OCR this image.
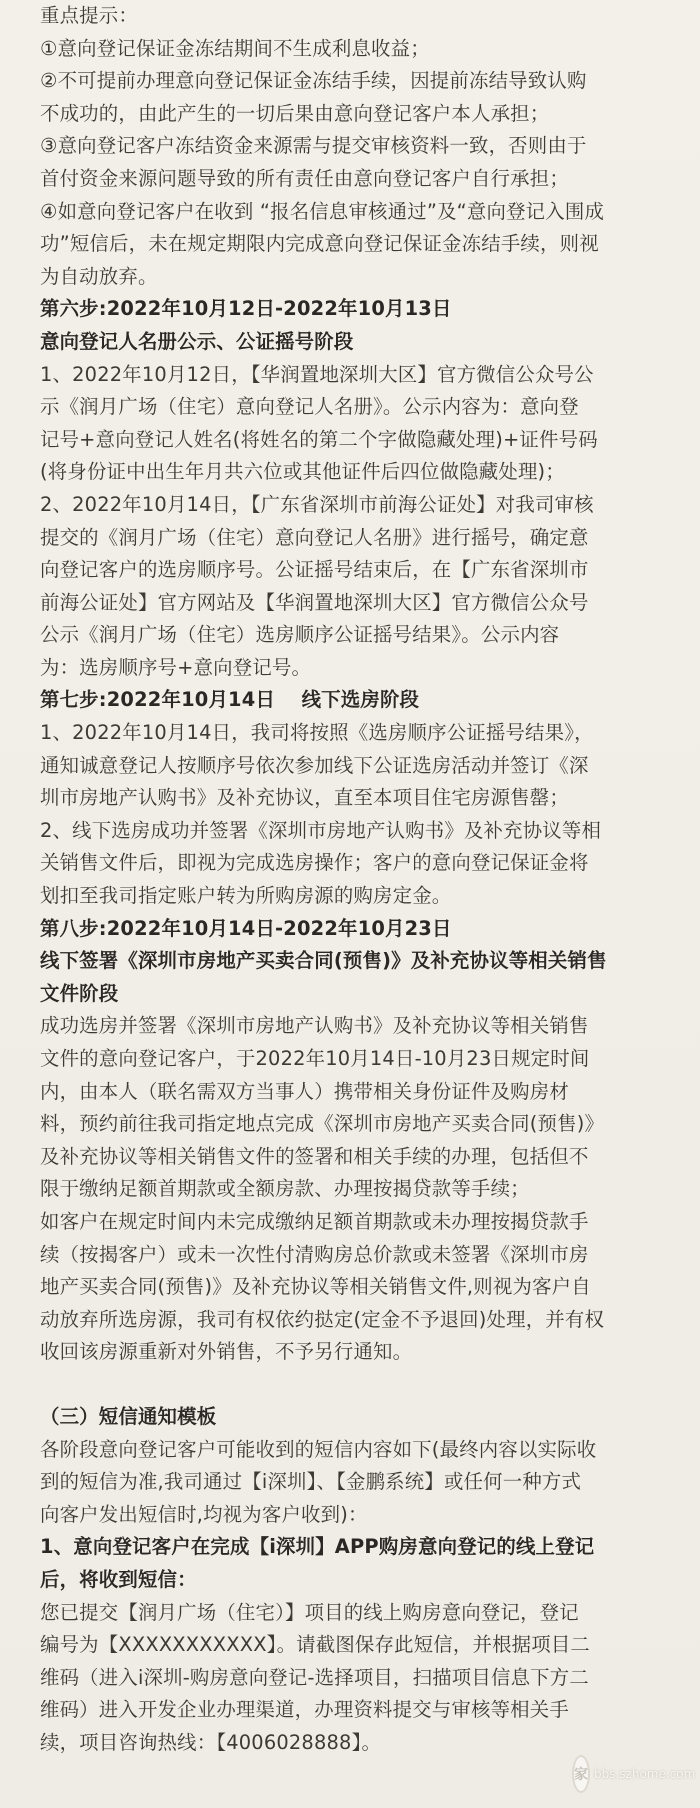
重点提示：
①意向登记保证金冻结期间不生成利息收益；
②不可提前办理意向登记保证金冻结手续，因提前冻结导致认购
不成功的，由此产生的一切后果由意向登记客户本人承担；
③意向登记客户冻结资金来源需与提交审核资料一致，否则由于
首付资金来源问题导致的所有责任由意向登记客户自行承担；
④如意向登记客户在收到 “报名信息审核通过”及“意向登记入围成
功”短信后，未在规定期限内完成意向登记保证金冻结手续，则视
为自动放弃。
第六步:2022年10月12日-2022年10月13日
意向登记人名册公示、公证摇号阶段
1、2022年10月12日，【华润置地深圳大区】官方微信公众号公
示《润月广场（住宅）意向登记人名册》。公示内容为：意向登
记号+意向登记人姓名(将姓名的第二个字做隐藏处理)+证件号码
(将身份证中出生年月共六位或其他证件后四位做隐藏处理)；
2、2022年10月14日，【广东省深圳市前海公证处】对我司审核
提交的《润月广场（住宅）意向登记人名册》进行摇号，确定意
向登记客户的选房顺序号。公证摇号结束后，在【广东省深圳市
前海公证处】官方网站及【华润置地深圳大区】官方微信公众号
公示《润月广场（住宅）选房顺序公证摇号结果》。公示内容
为：选房顺序号+意向登记号。
第七步:2022年10月14日　 线下选房阶段
1、2022年10月14日，我司将按照《选房顺序公证摇号结果》，
通知诚意登记人按顺序号依次参加线下公证选房活动并签订《深
圳市房地产认购书》及补充协议，直至本项目住宅房源售罄；
2、线下选房成功并签署《深圳市房地产认购书》及补充协议等相
关销售文件后，即视为完成选房操作；客户的意向登记保证金将
划扣至我司指定账户转为所购房源的购房定金。
第八步:2022年10月14日-2022年10月23日
线下签署《深圳市房地产买卖合同(预售)》及补充协议等相关销售
文件阶段
成功选房并签署《深圳市房地产认购书》及补充协议等相关销售
文件的意向登记客户，于2022年10月14日-10月23日规定时间
内，由本人（联名需双方当事人）携带相关身份证件及购房材
料，预约前往我司指定地点完成《深圳市房地产买卖合同(预售)》
及补充协议等相关销售文件的签署和相关手续的办理，包括但不
限于缴纳足额首期款或全额房款、办理按揭贷款等手续；
如客户在规定时间内未完成缴纳足额首期款或未办理按揭贷款手
续（按揭客户）或未一次性付清购房总价款或未签署《深圳市房
地产买卖合同(预售)》及补充协议等相关销售文件,则视为客户自
动放弃所选房源，我司有权依约挞定(定金不予退回)处理，并有权
收回该房源重新对外销售，不予另行通知。
（三）短信通知模板
各阶段意向登记客户可能收到的短信内容如下(最终内容以实际收
到的短信为准,我司通过【i深圳】、【金鹏系统】或任何一种方式
向客户发出短信时,均视为客户收到)：
1、意向登记客户在完成【i深圳】APP购房意向登记的线上登记
后，将收到短信：
您已提交【润月广场（住宅）】项目的线上购房意向登记，登记
编号为【XXXXXXXXXXX】。请截图保存此短信，并根据项目二
维码（进入i深圳-购房意向登记-选择项目，扫描项目信息下方二
维码）进入开发企业办理渠道，办理资料提交与审核等相关手
续，项目咨询热线：【4006028888】。
家 bbs.szhome.com
